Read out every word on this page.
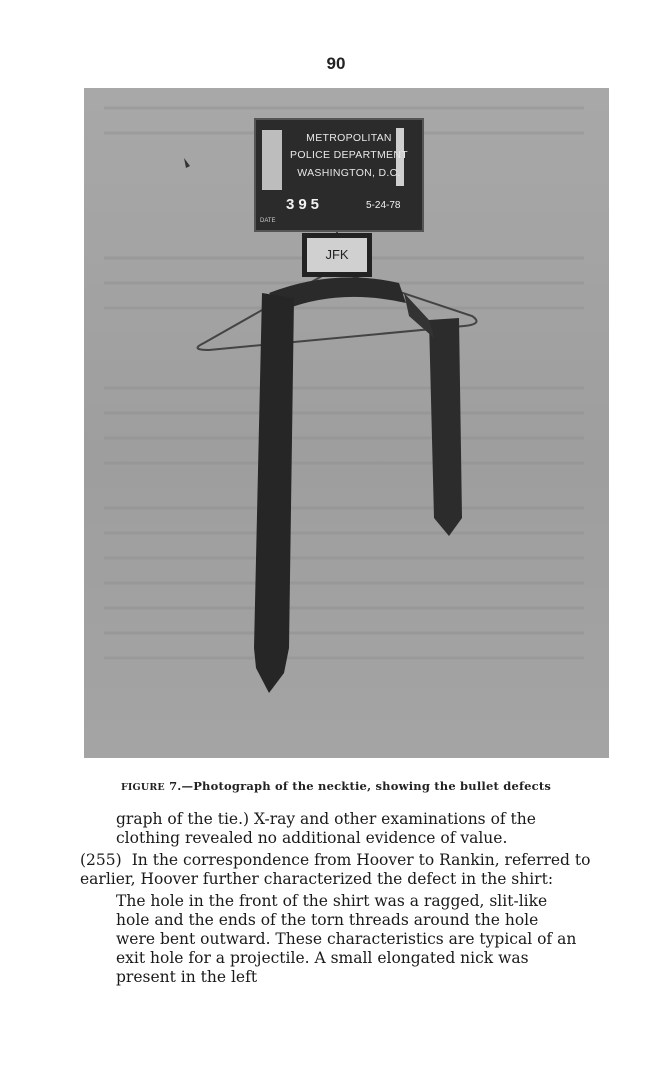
90
METROPOLITAN
POLICE DEPARTMENT
WASHINGTON, D.C.
395	5-24-78
DATE
JFK
FIGURE 7.—Photograph of the necktie, showing the bullet defects
graph of the tie.) X-ray and other examinations of the clothing revealed no additional evidence of value.
(255) In the correspondence from Hoover to Rankin, referred to earlier, Hoover further characterized the defect in the shirt:
The hole in the front of the shirt was a ragged, slit-like hole and the ends of the torn threads around the hole were bent outward. These characteristics are typical of an exit hole for a projectile. A small elongated nick was present in the left
